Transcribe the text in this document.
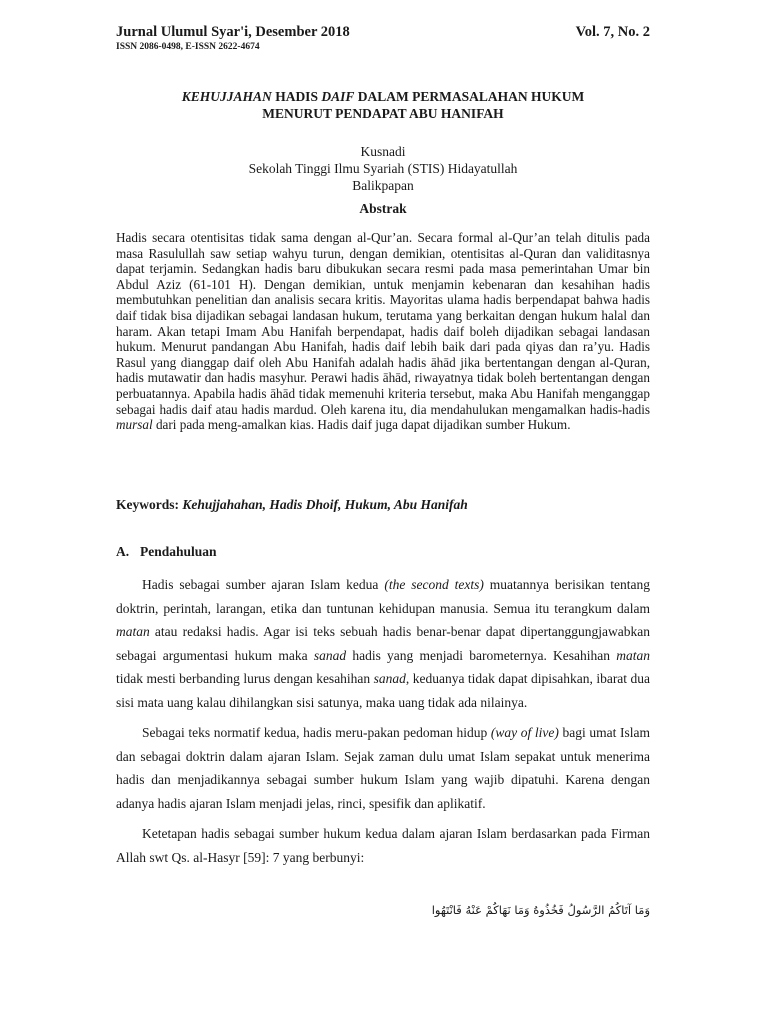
Jurnal Ulumul Syar'i, Desember 2018	Vol. 7, No. 2
ISSN 2086-0498, E-ISSN 2622-4674
KEHUJJAHAN HADIS DAIF DALAM PERMASALAHAN HUKUM
MENURUT PENDAPAT ABU HANIFAH
Kusnadi
Sekolah Tinggi Ilmu Syariah (STIS) Hidayatullah
Balikpapan
Abstrak
Hadis secara otentisitas tidak sama dengan al-Qur’an. Secara formal al-Qur’an telah ditulis pada masa Rasulullah saw setiap wahyu turun, dengan demikian, otentisitas al-Quran dan validitasnya dapat terjamin. Sedangkan hadis baru dibukukan secara resmi pada masa pemerintahan Umar bin Abdul Aziz (61-101 H). Dengan demikian, untuk menjamin kebenaran dan kesahihan hadis membutuhkan penelitian dan analisis secara kritis. Mayoritas ulama hadis berpendapat bahwa hadis daif tidak bisa dijadikan sebagai landasan hukum, terutama yang berkaitan dengan hukum halal dan haram. Akan tetapi Imam Abu Hanifah berpendapat, hadis daif boleh dijadikan sebagai landasan hukum. Menurut pandangan Abu Hanifah, hadis daif lebih baik dari pada qiyas dan ra’yu. Hadis Rasul yang dianggap daif oleh Abu Hanifah adalah hadis āhād jika bertentangan dengan al-Quran, hadis mutawatir dan hadis masyhur. Perawi hadis āhād, riwayatnya tidak boleh bertentangan dengan perbuatannya. Apabila hadis āhād tidak memenuhi kriteria tersebut, maka Abu Hanifah menganggap sebagai hadis daif atau hadis mardud. Oleh karena itu, dia mendahulukan mengamalkan hadis-hadis mursal dari pada meng-amalkan kias. Hadis daif juga dapat dijadikan sumber Hukum.
Keywords: Kehujjahahan, Hadis Dhoif, Hukum, Abu Hanifah
A. Pendahuluan

Hadis sebagai sumber ajaran Islam kedua (the second texts) muatannya berisikan tentang doktrin, perintah, larangan, etika dan tuntunan kehidupan manusia. Semua itu terangkum dalam matan atau redaksi hadis. Agar isi teks sebuah hadis benar-benar dapat dipertanggungjawabkan sebagai argumentasi hukum maka sanad hadis yang menjadi barometernya. Kesahihan matan tidak mesti berbanding lurus dengan kesahihan sanad, keduanya tidak dapat dipisahkan, ibarat dua sisi mata uang kalau dihilangkan sisi satunya, maka uang tidak ada nilainya.

Sebagai teks normatif kedua, hadis meru-pakan pedoman hidup (way of live) bagi umat Islam dan sebagai doktrin dalam ajaran Islam. Sejak zaman dulu umat Islam sepakat untuk menerima hadis dan menjadikannya sebagai sumber hukum Islam yang wajib dipatuhi. Karena dengan adanya hadis ajaran Islam menjadi jelas, rinci, spesifik dan aplikatif.

Ketetapan hadis sebagai sumber hukum kedua dalam ajaran Islam berdasarkan pada Firman Allah swt Qs. al-Hasyr [59]: 7 yang berbunyi:

وَمَا آتَاكُمُ الرَّسُولُ فَخُذُوهُ وَمَا نَهَاكُمْ عَنْهُ فَانْتَهُوا
